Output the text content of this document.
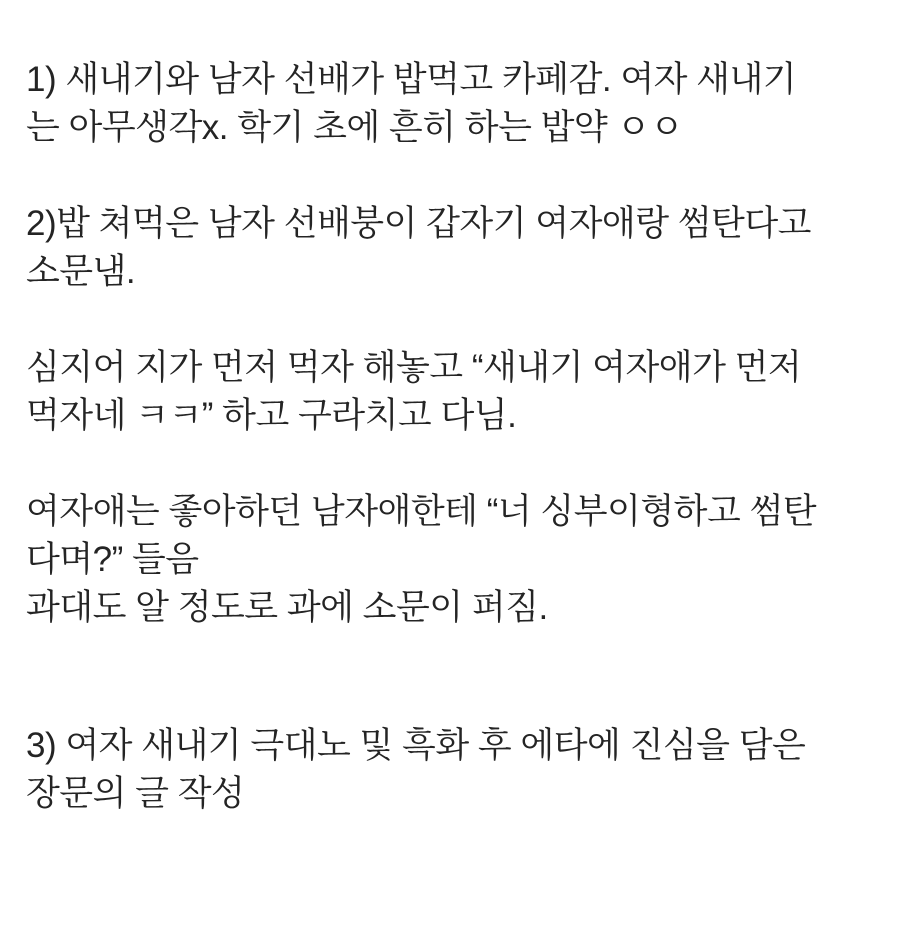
1) 새내기와 남자 선배가 밥먹고 카페감. 여자 새내기
는 아무생각x. 학기 초에 흔히 하는 밥약 ㅇㅇ
2)밥 쳐먹은 남자 선배붕이 갑자기 여자애랑 썸탄다고
소문냄.
심지어 지가 먼저 먹자 해놓고 “새내기 여자애가 먼저
먹자네 ㅋㅋ” 하고 구라치고 다님.
여자애는 좋아하던 남자애한테 “너 싱부이형하고 썸탄
다며?” 들음
과대도 알 정도로 과에 소문이 퍼짐.
3) 여자 새내기 극대노 및 흑화 후 에타에 진심을 담은
장문의 글 작성
